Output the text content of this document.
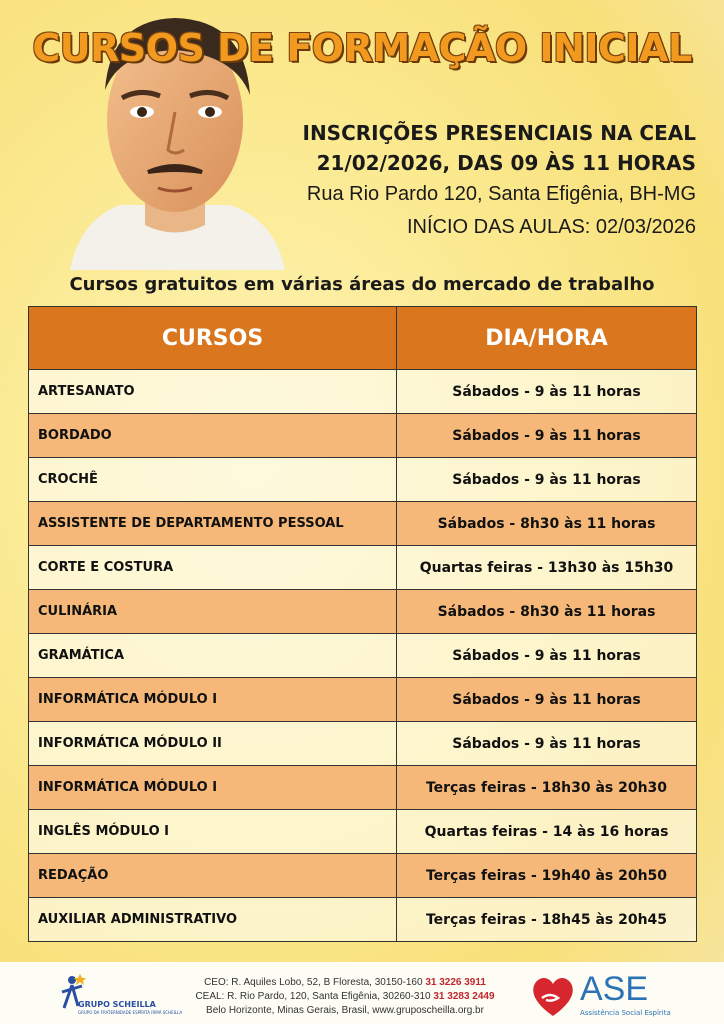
CURSOS DE FORMAÇÃO INICIAL
INSCRIÇÕES PRESENCIAIS NA CEAL
21/02/2026, DAS 09 ÀS 11 HORAS
Rua Rio Pardo 120, Santa Efigênia, BH-MG
INÍCIO DAS AULAS: 02/03/2026
Cursos gratuitos em várias áreas do mercado de trabalho
CURSOS	DIA/HORA
ARTESANATO	Sábados - 9 às 11 horas
BORDADO	Sábados - 9 às 11 horas
CROCHÊ	Sábados - 9 às 11 horas
ASSISTENTE DE DEPARTAMENTO PESSOAL	Sábados - 8h30 às 11 horas
CORTE E COSTURA	Quartas feiras - 13h30 às 15h30
CULINÁRIA	Sábados - 8h30 às 11 horas
GRAMÁTICA	Sábados - 9 às 11 horas
INFORMÁTICA MÓDULO I	Sábados - 9 às 11 horas
INFORMÁTICA MÓDULO II	Sábados - 9 às 11 horas
INFORMÁTICA MÓDULO I	Terças feiras - 18h30 às 20h30
INGLÊS MÓDULO I	Quartas feiras - 14 às 16 horas
REDAÇÃO	Terças feiras - 19h40 às 20h50
AUXILIAR ADMINISTRATIVO	Terças feiras - 18h45 às 20h45
GRUPO SCHEILLA
GRUPO DA FRATERNIDADE ESPÍRITA IRMÃ SCHEILLA
CEO: R. Aquiles Lobo, 52, B Floresta, 30150-160 31 3226 3911
CEAL: R. Rio Pardo, 120, Santa Efigênia, 30260-310 31 3283 2449
Belo Horizonte, Minas Gerais, Brasil, www.gruposcheilla.org.br
ASE
Assistência Social Espírita
